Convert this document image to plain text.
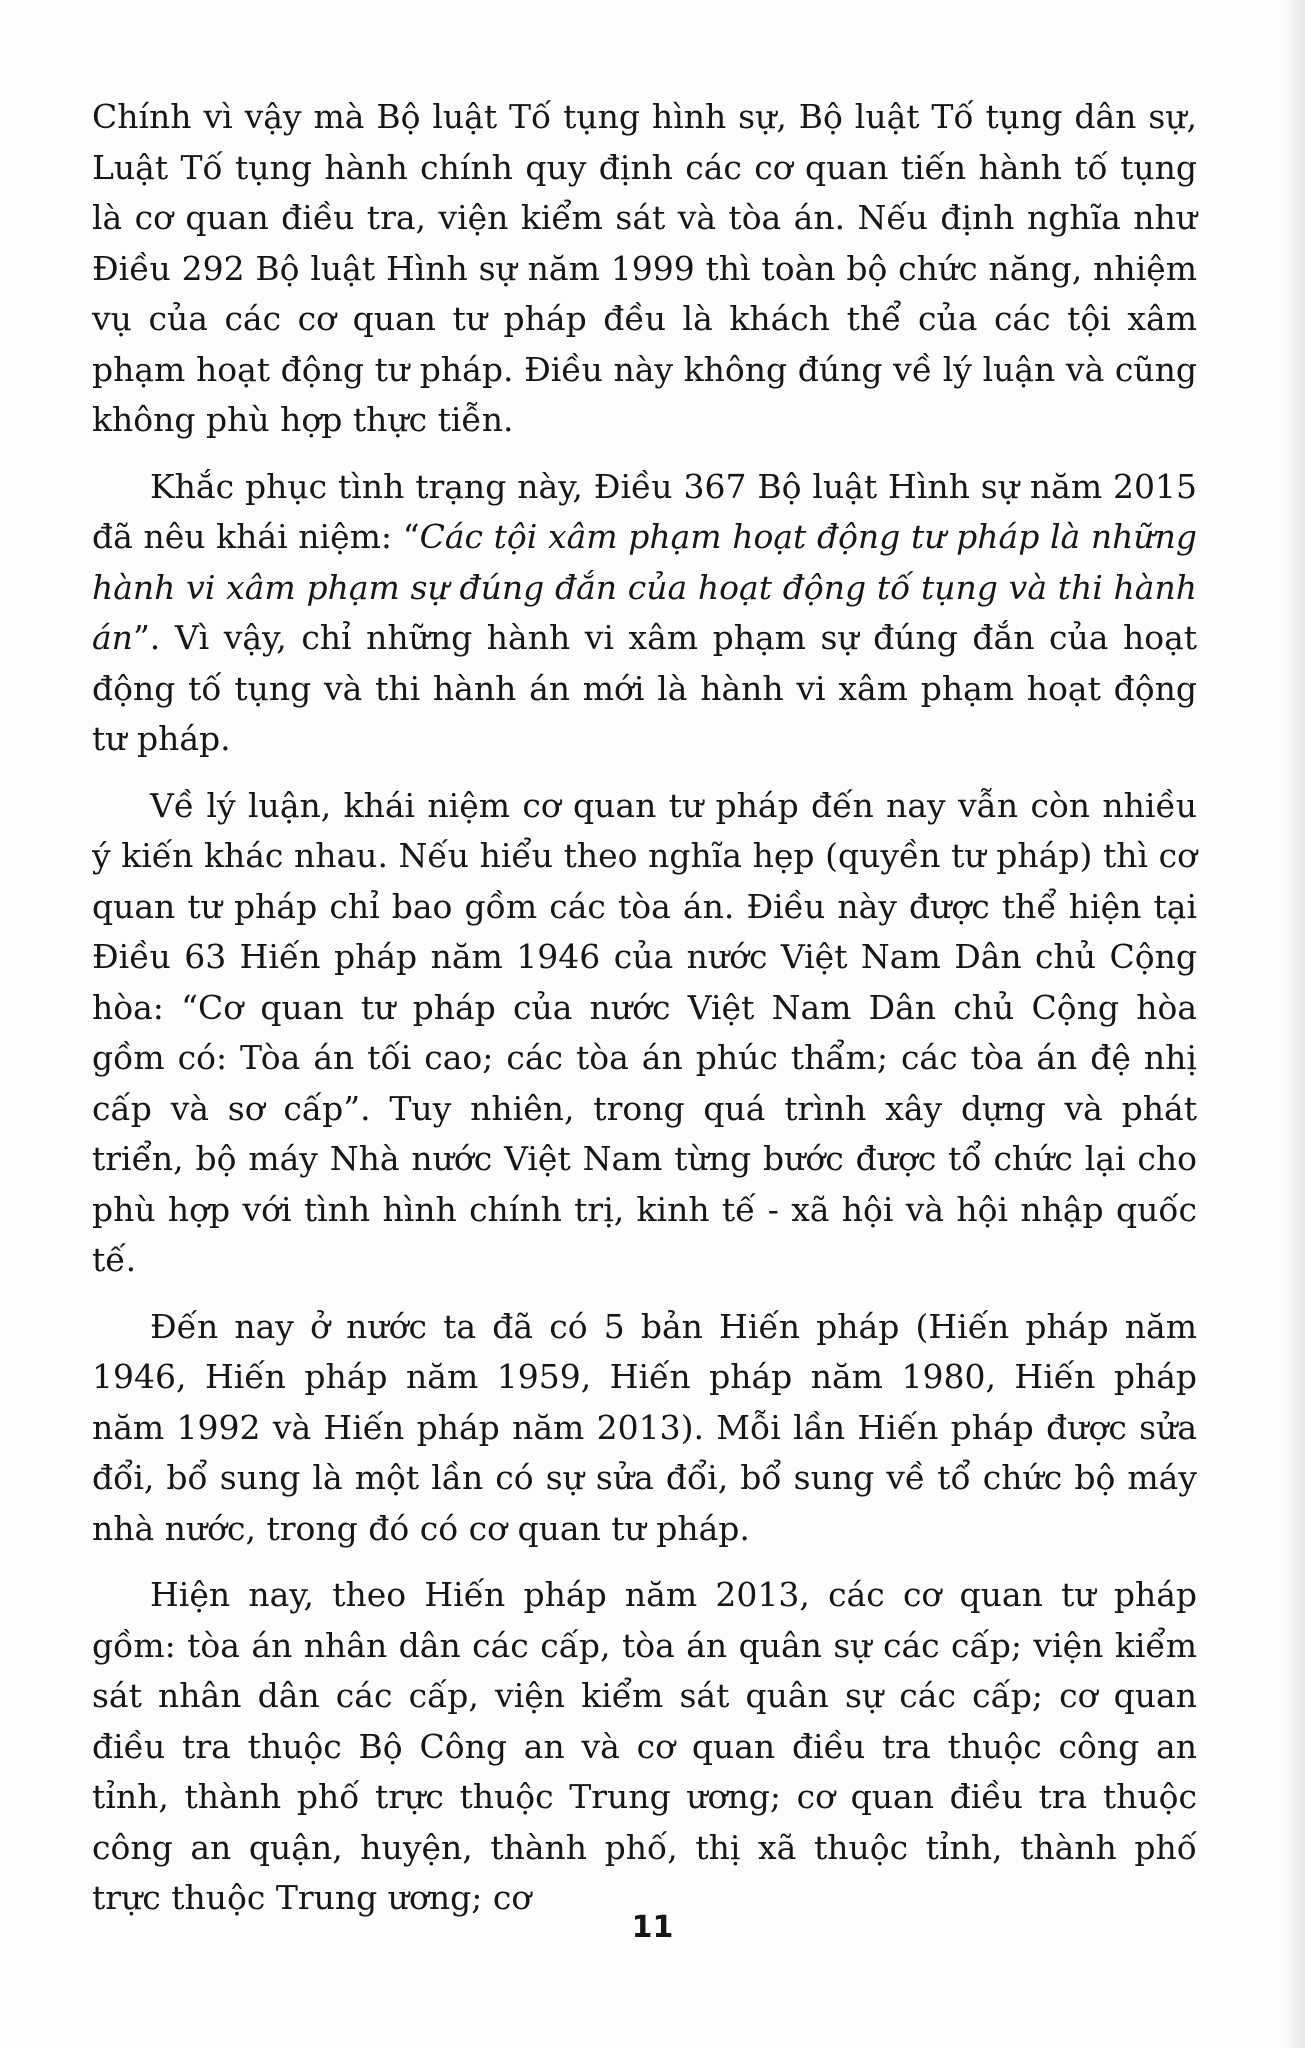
Chính vì vậy mà Bộ luật Tố tụng hình sự, Bộ luật Tố tụng dân sự, Luật Tố tụng hành chính quy định các cơ quan tiến hành tố tụng là cơ quan điều tra, viện kiểm sát và tòa án. Nếu định nghĩa như Điều 292 Bộ luật Hình sự năm 1999 thì toàn bộ chức năng, nhiệm vụ của các cơ quan tư pháp đều là khách thể của các tội xâm phạm hoạt động tư pháp. Điều này không đúng về lý luận và cũng không phù hợp thực tiễn.

Khắc phục tình trạng này, Điều 367 Bộ luật Hình sự năm 2015 đã nêu khái niệm: “Các tội xâm phạm hoạt động tư pháp là những hành vi xâm phạm sự đúng đắn của hoạt động tố tụng và thi hành án”. Vì vậy, chỉ những hành vi xâm phạm sự đúng đắn của hoạt động tố tụng và thi hành án mới là hành vi xâm phạm hoạt động tư pháp.

Về lý luận, khái niệm cơ quan tư pháp đến nay vẫn còn nhiều ý kiến khác nhau. Nếu hiểu theo nghĩa hẹp (quyền tư pháp) thì cơ quan tư pháp chỉ bao gồm các tòa án. Điều này được thể hiện tại Điều 63 Hiến pháp năm 1946 của nước Việt Nam Dân chủ Cộng hòa: “Cơ quan tư pháp của nước Việt Nam Dân chủ Cộng hòa gồm có: Tòa án tối cao; các tòa án phúc thẩm; các tòa án đệ nhị cấp và sơ cấp”. Tuy nhiên, trong quá trình xây dựng và phát triển, bộ máy Nhà nước Việt Nam từng bước được tổ chức lại cho phù hợp với tình hình chính trị, kinh tế - xã hội và hội nhập quốc tế.

Đến nay ở nước ta đã có 5 bản Hiến pháp (Hiến pháp năm 1946, Hiến pháp năm 1959, Hiến pháp năm 1980, Hiến pháp năm 1992 và Hiến pháp năm 2013). Mỗi lần Hiến pháp được sửa đổi, bổ sung là một lần có sự sửa đổi, bổ sung về tổ chức bộ máy nhà nước, trong đó có cơ quan tư pháp.

Hiện nay, theo Hiến pháp năm 2013, các cơ quan tư pháp gồm: tòa án nhân dân các cấp, tòa án quân sự các cấp; viện kiểm sát nhân dân các cấp, viện kiểm sát quân sự các cấp; cơ quan điều tra thuộc Bộ Công an và cơ quan điều tra thuộc công an tỉnh, thành phố trực thuộc Trung ương; cơ quan điều tra thuộc công an quận, huyện, thành phố, thị xã thuộc tỉnh, thành phố trực thuộc Trung ương; cơ

11
